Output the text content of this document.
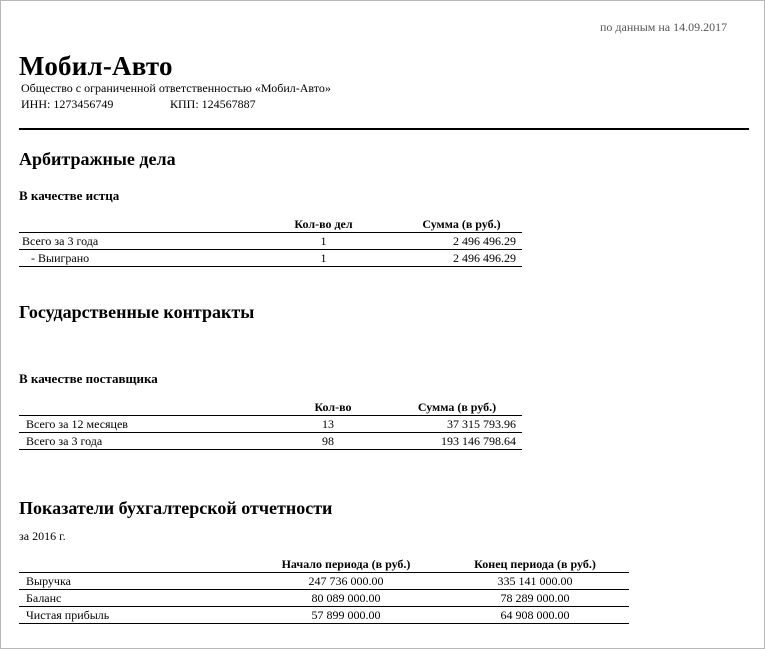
по данным на 14.09.2017
Мобил-Авто
Общество с ограниченной ответственностью «Мобил-Авто»
ИНН: 1273456749	КПП: 124567887
Арбитражные дела
В качестве истца
	Кол-во дел	Сумма (в руб.)
Всего за 3 года	1	2 496 496.29
- Выиграно	1	2 496 496.29
Государственные контракты
В качестве поставщика
	Кол-во	Сумма (в руб.)
Всего за 12 месяцев	13	37 315 793.96
Всего за 3 года	98	193 146 798.64
Показатели бухгалтерской отчетности
за 2016 г.
	Начало периода (в руб.)	Конец периода (в руб.)
Выручка	247 736 000.00	335 141 000.00
Баланс	80 089 000.00	78 289 000.00
Чистая прибыль	57 899 000.00	64 908 000.00
